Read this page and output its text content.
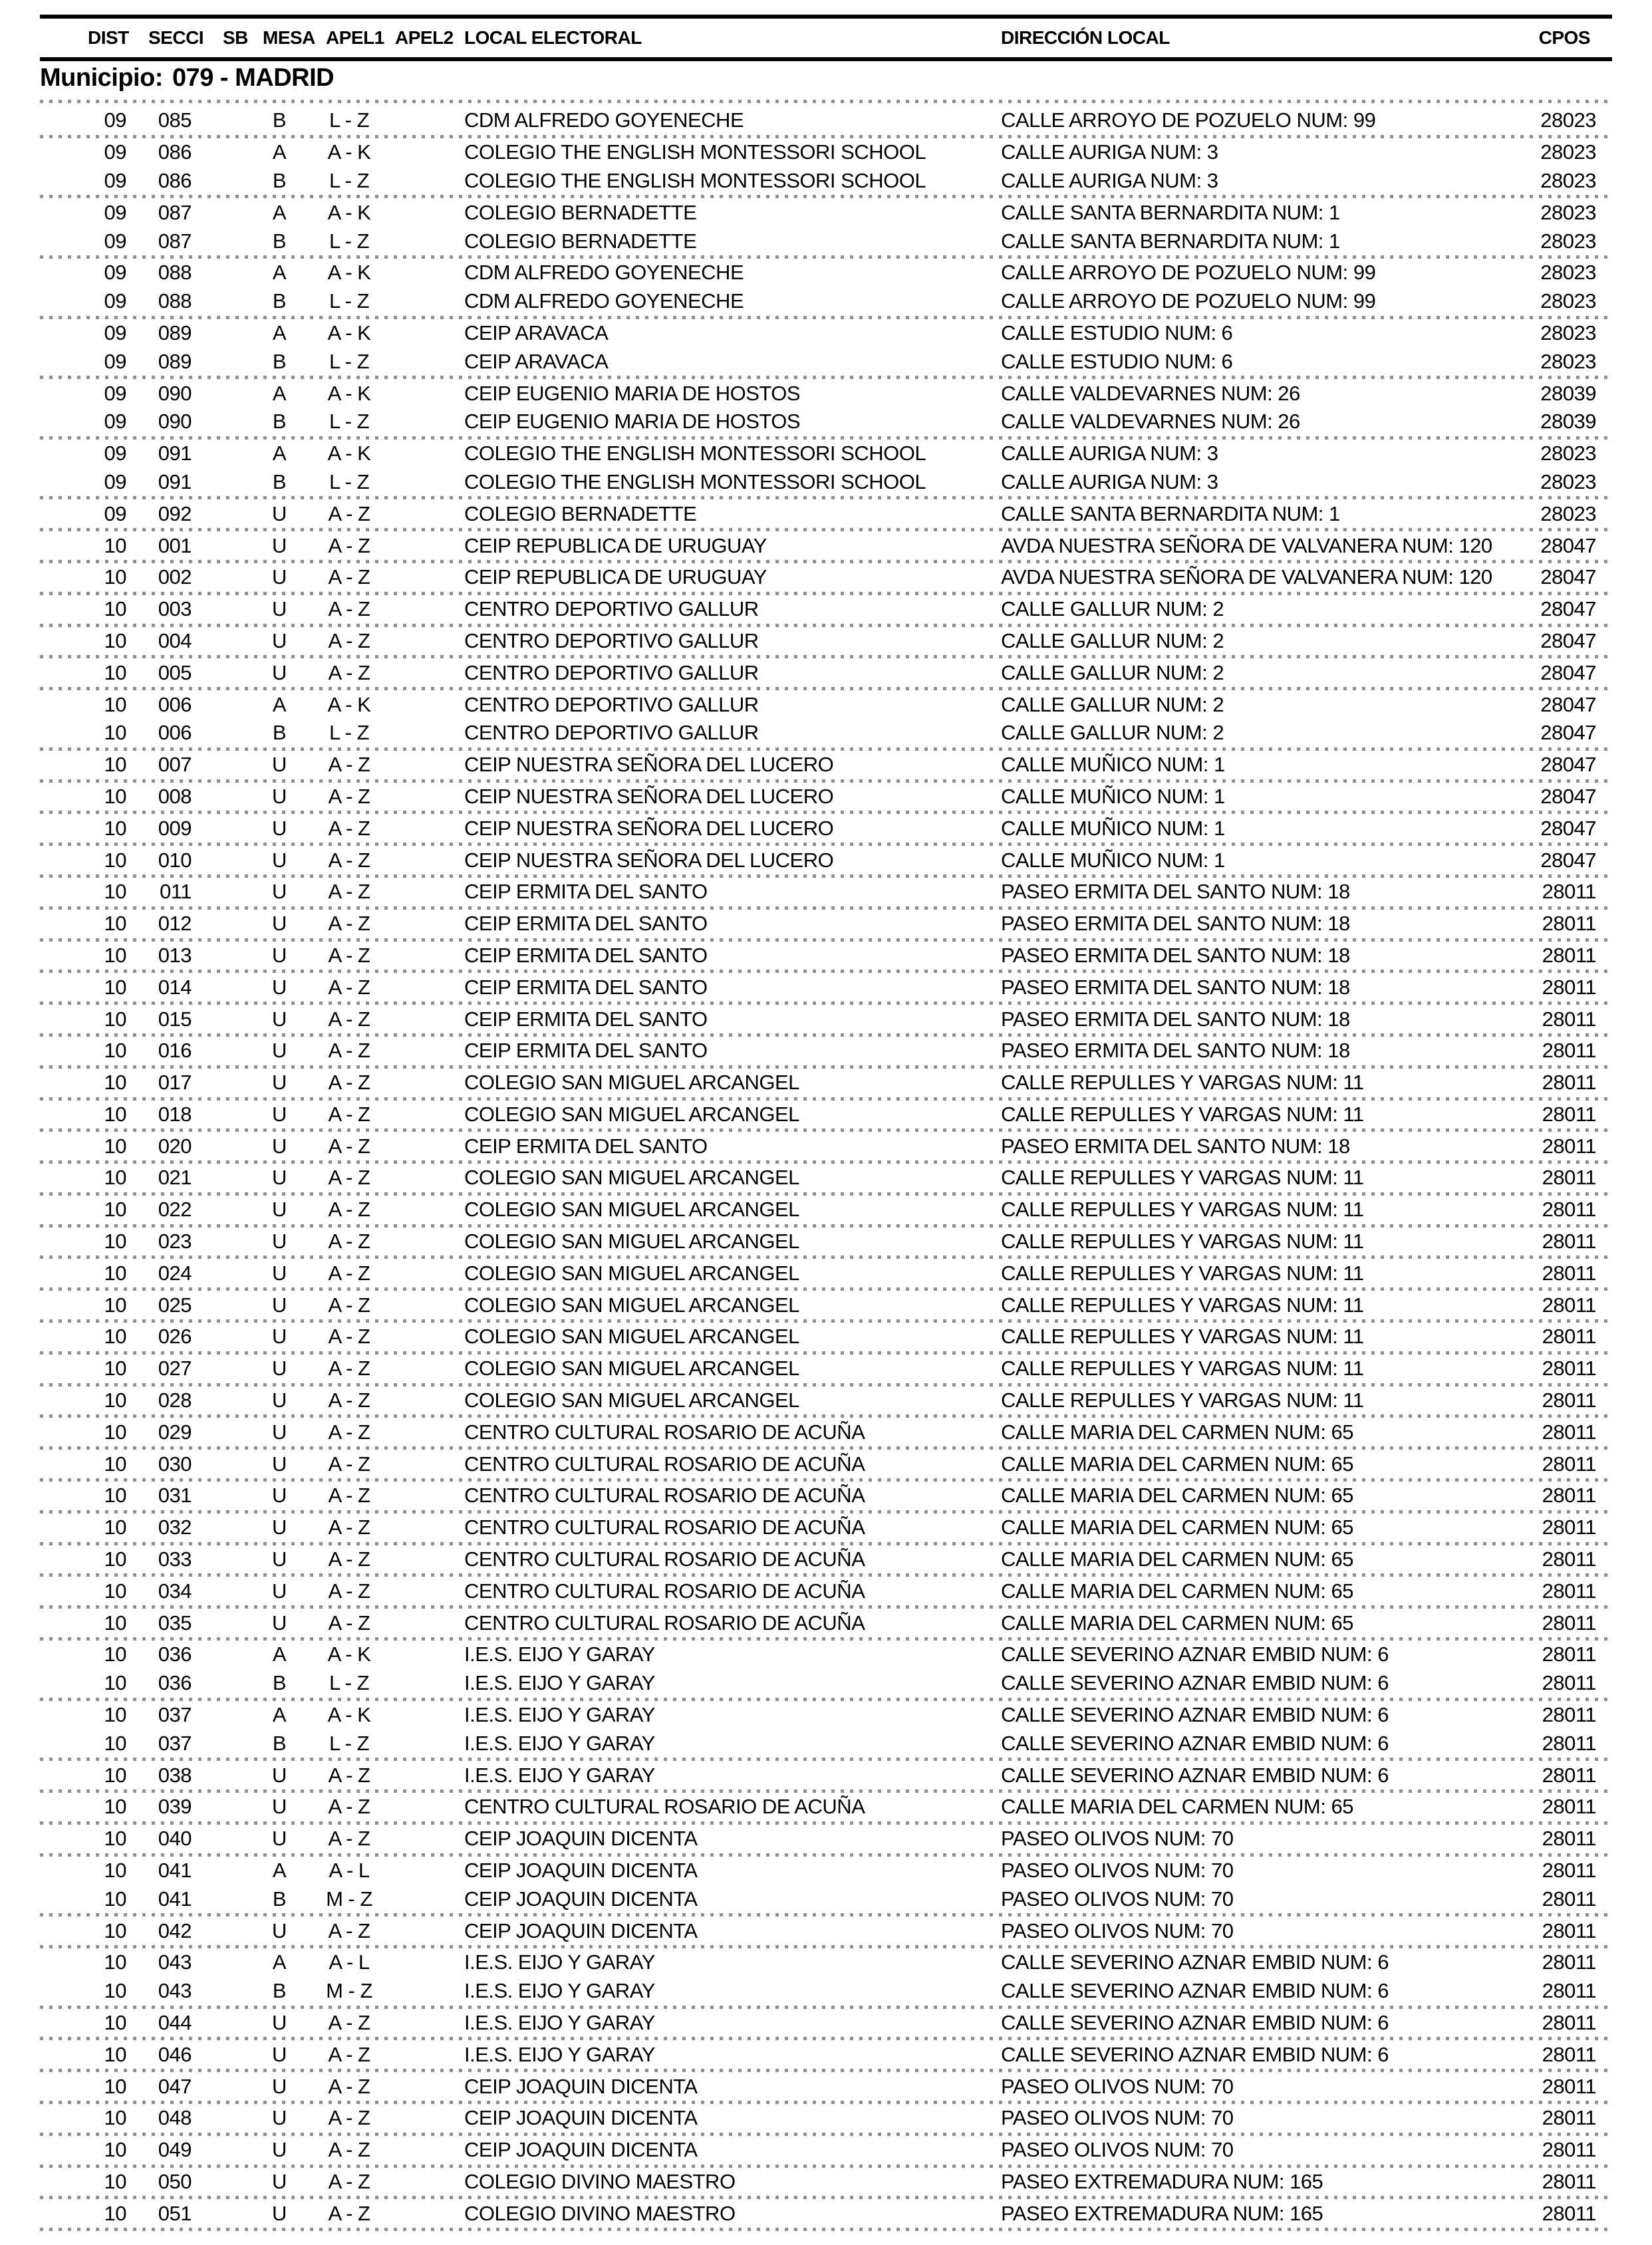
DIST SECCI SB MESA APEL1 APEL2 LOCAL ELECTORAL	DIRECCIÓN LOCAL	CPOS
Municipio: 079 - MADRID
09	085	B	L - Z	CDM ALFREDO GOYENECHE	CALLE ARROYO DE POZUELO NUM: 99	28023
09	086	A	A - K	COLEGIO THE ENGLISH MONTESSORI SCHOOL	CALLE AURIGA NUM: 3	28023
09	086	B	L - Z	COLEGIO THE ENGLISH MONTESSORI SCHOOL	CALLE AURIGA NUM: 3	28023
09	087	A	A - K	COLEGIO BERNADETTE	CALLE SANTA BERNARDITA NUM: 1	28023
09	087	B	L - Z	COLEGIO BERNADETTE	CALLE SANTA BERNARDITA NUM: 1	28023
09	088	A	A - K	CDM ALFREDO GOYENECHE	CALLE ARROYO DE POZUELO NUM: 99	28023
09	088	B	L - Z	CDM ALFREDO GOYENECHE	CALLE ARROYO DE POZUELO NUM: 99	28023
09	089	A	A - K	CEIP ARAVACA	CALLE ESTUDIO NUM: 6	28023
09	089	B	L - Z	CEIP ARAVACA	CALLE ESTUDIO NUM: 6	28023
09	090	A	A - K	CEIP EUGENIO MARIA DE HOSTOS	CALLE VALDEVARNES NUM: 26	28039
09	090	B	L - Z	CEIP EUGENIO MARIA DE HOSTOS	CALLE VALDEVARNES NUM: 26	28039
09	091	A	A - K	COLEGIO THE ENGLISH MONTESSORI SCHOOL	CALLE AURIGA NUM: 3	28023
09	091	B	L - Z	COLEGIO THE ENGLISH MONTESSORI SCHOOL	CALLE AURIGA NUM: 3	28023
09	092	U	A - Z	COLEGIO BERNADETTE	CALLE SANTA BERNARDITA NUM: 1	28023
10	001	U	A - Z	CEIP REPUBLICA DE URUGUAY	AVDA NUESTRA SEÑORA DE VALVANERA NUM: 120	28047
10	002	U	A - Z	CEIP REPUBLICA DE URUGUAY	AVDA NUESTRA SEÑORA DE VALVANERA NUM: 120	28047
10	003	U	A - Z	CENTRO DEPORTIVO GALLUR	CALLE GALLUR NUM: 2	28047
10	004	U	A - Z	CENTRO DEPORTIVO GALLUR	CALLE GALLUR NUM: 2	28047
10	005	U	A - Z	CENTRO DEPORTIVO GALLUR	CALLE GALLUR NUM: 2	28047
10	006	A	A - K	CENTRO DEPORTIVO GALLUR	CALLE GALLUR NUM: 2	28047
10	006	B	L - Z	CENTRO DEPORTIVO GALLUR	CALLE GALLUR NUM: 2	28047
10	007	U	A - Z	CEIP NUESTRA SEÑORA DEL LUCERO	CALLE MUÑICO NUM: 1	28047
10	008	U	A - Z	CEIP NUESTRA SEÑORA DEL LUCERO	CALLE MUÑICO NUM: 1	28047
10	009	U	A - Z	CEIP NUESTRA SEÑORA DEL LUCERO	CALLE MUÑICO NUM: 1	28047
10	010	U	A - Z	CEIP NUESTRA SEÑORA DEL LUCERO	CALLE MUÑICO NUM: 1	28047
10	011	U	A - Z	CEIP ERMITA DEL SANTO	PASEO ERMITA DEL SANTO NUM: 18	28011
10	012	U	A - Z	CEIP ERMITA DEL SANTO	PASEO ERMITA DEL SANTO NUM: 18	28011
10	013	U	A - Z	CEIP ERMITA DEL SANTO	PASEO ERMITA DEL SANTO NUM: 18	28011
10	014	U	A - Z	CEIP ERMITA DEL SANTO	PASEO ERMITA DEL SANTO NUM: 18	28011
10	015	U	A - Z	CEIP ERMITA DEL SANTO	PASEO ERMITA DEL SANTO NUM: 18	28011
10	016	U	A - Z	CEIP ERMITA DEL SANTO	PASEO ERMITA DEL SANTO NUM: 18	28011
10	017	U	A - Z	COLEGIO SAN MIGUEL ARCANGEL	CALLE REPULLES Y VARGAS NUM: 11	28011
10	018	U	A - Z	COLEGIO SAN MIGUEL ARCANGEL	CALLE REPULLES Y VARGAS NUM: 11	28011
10	020	U	A - Z	CEIP ERMITA DEL SANTO	PASEO ERMITA DEL SANTO NUM: 18	28011
10	021	U	A - Z	COLEGIO SAN MIGUEL ARCANGEL	CALLE REPULLES Y VARGAS NUM: 11	28011
10	022	U	A - Z	COLEGIO SAN MIGUEL ARCANGEL	CALLE REPULLES Y VARGAS NUM: 11	28011
10	023	U	A - Z	COLEGIO SAN MIGUEL ARCANGEL	CALLE REPULLES Y VARGAS NUM: 11	28011
10	024	U	A - Z	COLEGIO SAN MIGUEL ARCANGEL	CALLE REPULLES Y VARGAS NUM: 11	28011
10	025	U	A - Z	COLEGIO SAN MIGUEL ARCANGEL	CALLE REPULLES Y VARGAS NUM: 11	28011
10	026	U	A - Z	COLEGIO SAN MIGUEL ARCANGEL	CALLE REPULLES Y VARGAS NUM: 11	28011
10	027	U	A - Z	COLEGIO SAN MIGUEL ARCANGEL	CALLE REPULLES Y VARGAS NUM: 11	28011
10	028	U	A - Z	COLEGIO SAN MIGUEL ARCANGEL	CALLE REPULLES Y VARGAS NUM: 11	28011
10	029	U	A - Z	CENTRO CULTURAL ROSARIO DE ACUÑA	CALLE MARIA DEL CARMEN NUM: 65	28011
10	030	U	A - Z	CENTRO CULTURAL ROSARIO DE ACUÑA	CALLE MARIA DEL CARMEN NUM: 65	28011
10	031	U	A - Z	CENTRO CULTURAL ROSARIO DE ACUÑA	CALLE MARIA DEL CARMEN NUM: 65	28011
10	032	U	A - Z	CENTRO CULTURAL ROSARIO DE ACUÑA	CALLE MARIA DEL CARMEN NUM: 65	28011
10	033	U	A - Z	CENTRO CULTURAL ROSARIO DE ACUÑA	CALLE MARIA DEL CARMEN NUM: 65	28011
10	034	U	A - Z	CENTRO CULTURAL ROSARIO DE ACUÑA	CALLE MARIA DEL CARMEN NUM: 65	28011
10	035	U	A - Z	CENTRO CULTURAL ROSARIO DE ACUÑA	CALLE MARIA DEL CARMEN NUM: 65	28011
10	036	A	A - K	I.E.S. EIJO Y GARAY	CALLE SEVERINO AZNAR EMBID NUM: 6	28011
10	036	B	L - Z	I.E.S. EIJO Y GARAY	CALLE SEVERINO AZNAR EMBID NUM: 6	28011
10	037	A	A - K	I.E.S. EIJO Y GARAY	CALLE SEVERINO AZNAR EMBID NUM: 6	28011
10	037	B	L - Z	I.E.S. EIJO Y GARAY	CALLE SEVERINO AZNAR EMBID NUM: 6	28011
10	038	U	A - Z	I.E.S. EIJO Y GARAY	CALLE SEVERINO AZNAR EMBID NUM: 6	28011
10	039	U	A - Z	CENTRO CULTURAL ROSARIO DE ACUÑA	CALLE MARIA DEL CARMEN NUM: 65	28011
10	040	U	A - Z	CEIP JOAQUIN DICENTA	PASEO OLIVOS NUM: 70	28011
10	041	A	A - L	CEIP JOAQUIN DICENTA	PASEO OLIVOS NUM: 70	28011
10	041	B	M - Z	CEIP JOAQUIN DICENTA	PASEO OLIVOS NUM: 70	28011
10	042	U	A - Z	CEIP JOAQUIN DICENTA	PASEO OLIVOS NUM: 70	28011
10	043	A	A - L	I.E.S. EIJO Y GARAY	CALLE SEVERINO AZNAR EMBID NUM: 6	28011
10	043	B	M - Z	I.E.S. EIJO Y GARAY	CALLE SEVERINO AZNAR EMBID NUM: 6	28011
10	044	U	A - Z	I.E.S. EIJO Y GARAY	CALLE SEVERINO AZNAR EMBID NUM: 6	28011
10	046	U	A - Z	I.E.S. EIJO Y GARAY	CALLE SEVERINO AZNAR EMBID NUM: 6	28011
10	047	U	A - Z	CEIP JOAQUIN DICENTA	PASEO OLIVOS NUM: 70	28011
10	048	U	A - Z	CEIP JOAQUIN DICENTA	PASEO OLIVOS NUM: 70	28011
10	049	U	A - Z	CEIP JOAQUIN DICENTA	PASEO OLIVOS NUM: 70	28011
10	050	U	A - Z	COLEGIO DIVINO MAESTRO	PASEO EXTREMADURA NUM: 165	28011
10	051	U	A - Z	COLEGIO DIVINO MAESTRO	PASEO EXTREMADURA NUM: 165	28011
